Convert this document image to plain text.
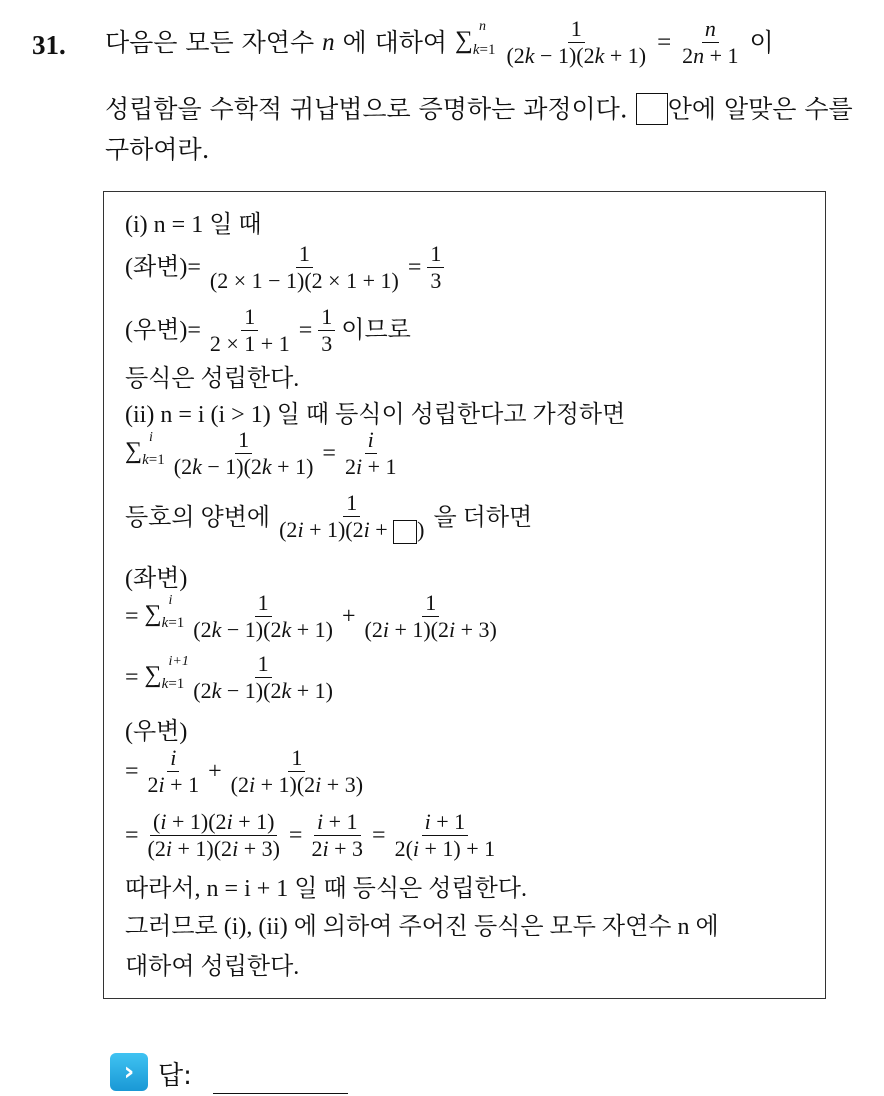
31. 다음은 모든 자연수 n 에 대하여 ∑
n
$_{k=1} \frac{1}{(2k - 1)(2k + 1)} = \frac{n}{2n + 1}$ 이
성립함을 수학적 귀납법으로 증명하는 과정이다. 안에 알맞은 수를
구하여라.
(i) n = 1 일 때
(좌변)= $\frac{1}{(2 \times 1 - 1)(2 \times 1 + 1)} = \frac{1}{3}$
(우변)= $\frac{1}{2 \times 1 + 1} = \frac{1}{3}$ 이므로
등식은 성립한다.
(ii) n = i (i > 1) 일 때 등식이 성립한다고 가정하면
∑
i
$_{k=1} \frac{1}{(2k - 1)(2k + 1)} = \frac{i}{2i + 1}$
등호의 양변에 $\frac{1}{(2i + 1)(2i + )}$ 을 더하면
(좌변)
= ∑
i
$_{k=1} \frac{1}{(2k - 1)(2k + 1)} + \frac{1}{(2i + 1)(2i + 3)}$
= ∑
i+1
$_{k=1} \frac{1}{(2k - 1)(2k + 1)}$
(우변)
= $\frac{i}{2i + 1} + \frac{1}{(2i + 1)(2i + 3)}$
= $\frac{(i + 1)(2i + 1)}{(2i + 1)(2i + 3)} = \frac{i + 1}{2i + 3} = \frac{i + 1}{2(i + 1) + 1}$
따라서, n = i + 1 일 때 등식은 성립한다.
그러므로 (i), (ii) 에 의하여 주어진 등식은 모두 자연수 n 에
대하여 성립한다.
› 답:
